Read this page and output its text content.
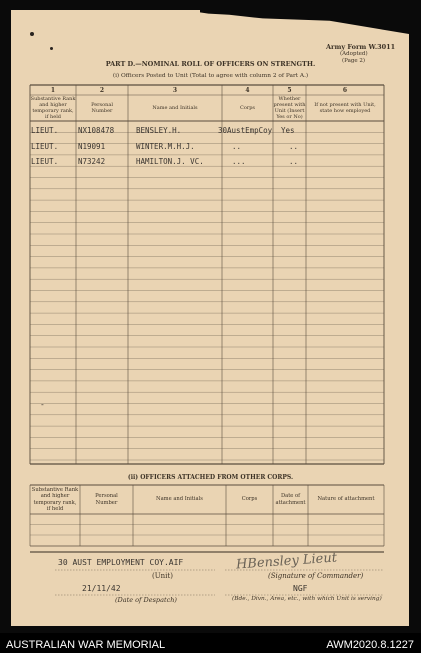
Army Form W.3011
(Adopted)
(Page 2)
PART D.—NOMINAL ROLL OF OFFICERS ON STRENGTH.
(i) Officers Posted to Unit (Total to agree with column 2 of Part A.)
1	2	3	4	5	6
Substantive Rank
and higher
temporary rank,
if held
Personal
Number
Name and Initials	Corps
Whether
present with
Unit (Insert
Yes or No)
If not present with Unit,
state how employed
LIEUT.	NX108478	BENSLEY.H.	30AustEmpCoy Yes
LIEUT.	N19091	WINTER.M.H.J.	..	..
LIEUT.	N73242	HAMILTON.J. VC.	...	..
-
(ii) OFFICERS ATTACHED FROM OTHER CORPS.
Substantive Rank
and higher
temporary rank,
if held
Personal
Number
Name and Initials	Corps
Date of
attachment
Nature of attachment
30 AUST EMPLOYMENT COY.AIF
(Unit)
HBensley Lieut
(Signature of Commander)
21/11/42	NGF
(Date of Despatch)	(Bde., Divn., Area, etc., with which Unit is serving)
AUSTRALIAN WAR MEMORIAL	AWM2020.8.1227
